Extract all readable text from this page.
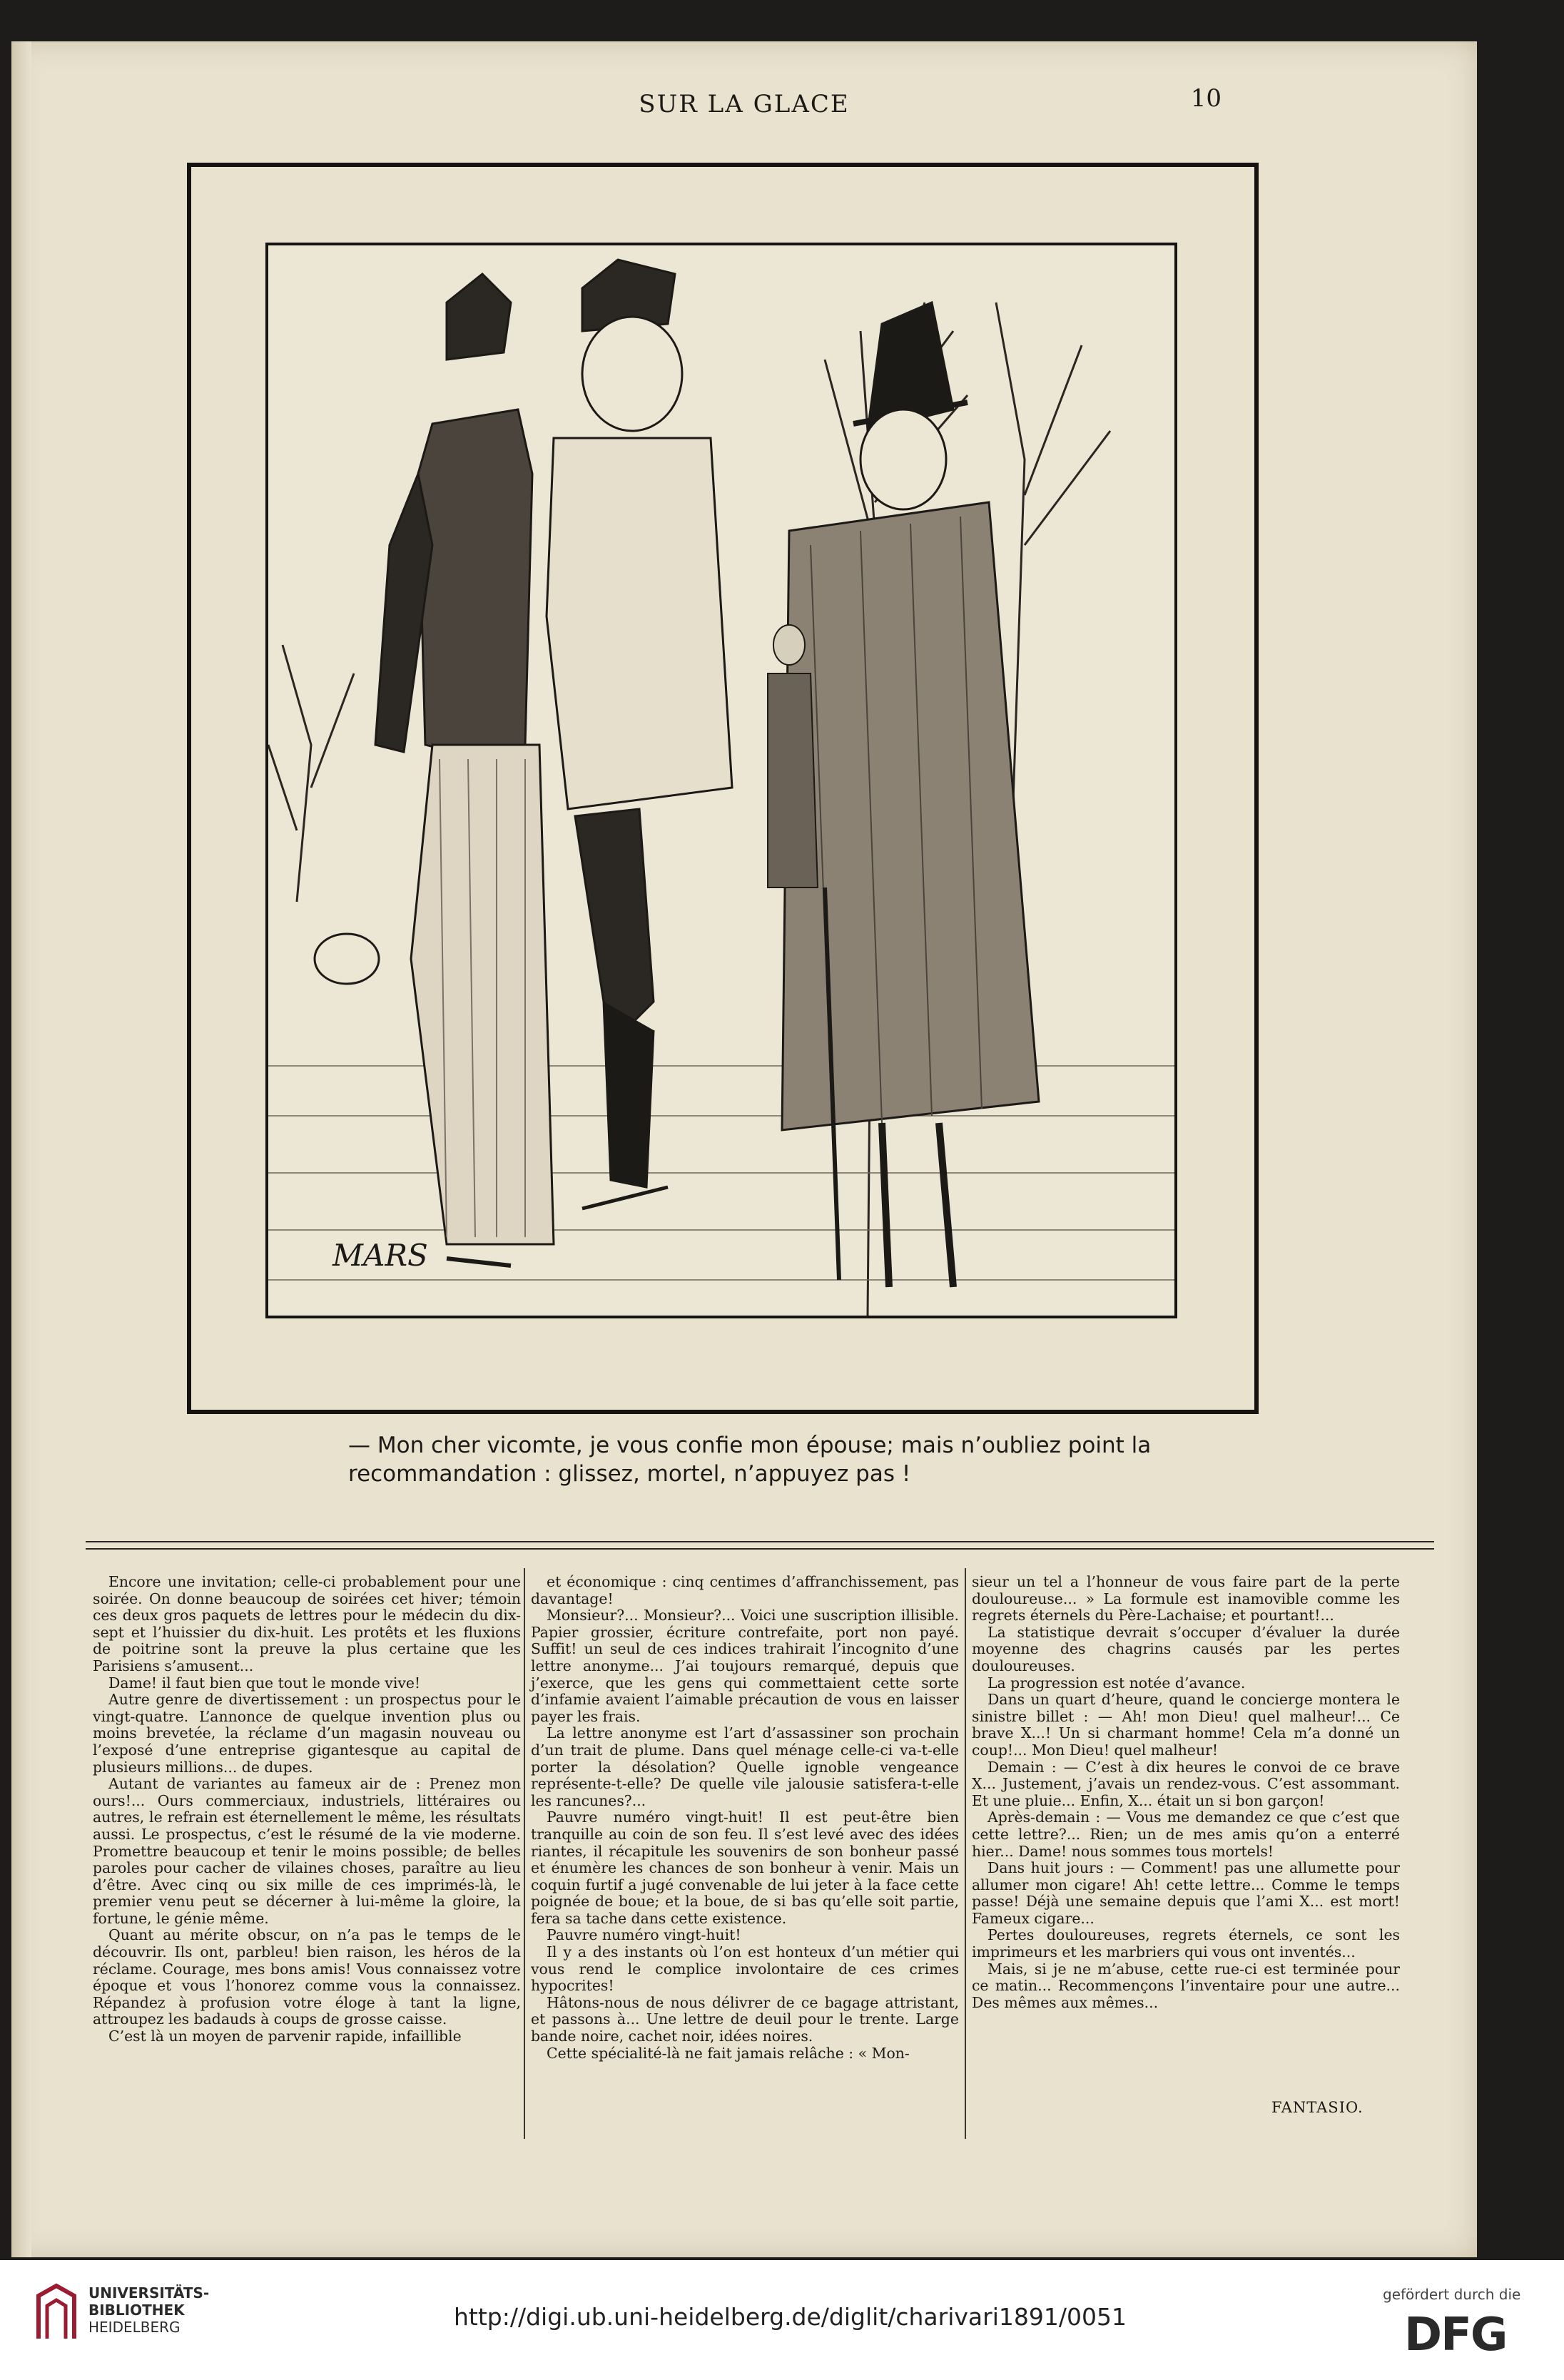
SUR LA GLACE	10
MARS
— Mon cher vicomte, je vous confie mon épouse; mais n’oubliez point la

recommandation : glissez, mortel, n’appuyez pas !

Encore une invitation; celle-ci probablement pour une soirée. On donne beaucoup de soirées cet hiver; témoin ces deux gros paquets de lettres pour le médecin du dix-sept et l’huissier du dix-huit. Les protêts et les fluxions de poitrine sont la preuve la plus certaine que les Parisiens s’amusent...

Dame! il faut bien que tout le monde vive!

Autre genre de divertissement : un prospectus pour le vingt-quatre. L’annonce de quelque invention plus ou moins brevetée, la réclame d’un magasin nouveau ou l’exposé d’une entreprise gigantesque au capital de plusieurs millions... de dupes.

Autant de variantes au fameux air de : Prenez mon ours!... Ours commerciaux, industriels, littéraires ou autres, le refrain est éternellement le même, les résultats aussi. Le prospectus, c’est le résumé de la vie moderne. Promettre beaucoup et tenir le moins possible; de belles paroles pour cacher de vilaines choses, paraître au lieu d’être. Avec cinq ou six mille de ces imprimés-là, le premier venu peut se décerner à lui-même la gloire, la fortune, le génie même.

Quant au mérite obscur, on n’a pas le temps de le découvrir. Ils ont, parbleu! bien raison, les héros de la réclame. Courage, mes bons amis! Vous connaissez votre époque et vous l’honorez comme vous la connaissez. Répandez à profusion votre éloge à tant la ligne, attroupez les badauds à coups de grosse caisse.

C’est là un moyen de parvenir rapide, infaillible

et économique : cinq centimes d’affranchissement, pas davantage!

Monsieur?... Monsieur?... Voici une suscription illisible. Papier grossier, écriture contrefaite, port non payé. Suffit! un seul de ces indices trahirait l’incognito d’une lettre anonyme... J’ai toujours remarqué, depuis que j’exerce, que les gens qui commettaient cette sorte d’infamie avaient l’aimable précaution de vous en laisser payer les frais.

La lettre anonyme est l’art d’assassiner son prochain d’un trait de plume. Dans quel ménage celle-ci va-t-elle porter la désolation? Quelle ignoble vengeance représente-t-elle? De quelle vile jalousie satisfera-t-elle les rancunes?...

Pauvre numéro vingt-huit! Il est peut-être bien tranquille au coin de son feu. Il s’est levé avec des idées riantes, il récapitule les souvenirs de son bonheur passé et énumère les chances de son bonheur à venir. Mais un coquin furtif a jugé convenable de lui jeter à la face cette poignée de boue; et la boue, de si bas qu’elle soit partie, fera sa tache dans cette existence.

Pauvre numéro vingt-huit!

Il y a des instants où l’on est honteux d’un métier qui vous rend le complice involontaire de ces crimes hypocrites!

Hâtons-nous de nous délivrer de ce bagage attristant, et passons à... Une lettre de deuil pour le trente. Large bande noire, cachet noir, idées noires.

Cette spécialité-là ne fait jamais relâche : « Mon-

sieur un tel a l’honneur de vous faire part de la perte douloureuse... » La formule est inamovible comme les regrets éternels du Père-Lachaise; et pourtant!...

La statistique devrait s’occuper d’évaluer la durée moyenne des chagrins causés par les pertes douloureuses.

La progression est notée d’avance.

Dans un quart d’heure, quand le concierge montera le sinistre billet : — Ah! mon Dieu! quel malheur!... Ce brave X...! Un si charmant homme! Cela m’a donné un coup!... Mon Dieu! quel malheur!

Demain : — C’est à dix heures le convoi de ce brave X... Justement, j’avais un rendez-vous. C’est assommant. Et une pluie... Enfin, X... était un si bon garçon!

Après-demain : — Vous me demandez ce que c’est que cette lettre?... Rien; un de mes amis qu’on a enterré hier... Dame! nous sommes tous mortels!

Dans huit jours : — Comment! pas une allumette pour allumer mon cigare! Ah! cette lettre... Comme le temps passe! Déjà une semaine depuis que l’ami X... est mort! Fameux cigare...

Pertes douloureuses, regrets éternels, ce sont les imprimeurs et les marbriers qui vous ont inventés...

Mais, si je ne m’abuse, cette rue-ci est terminée pour ce matin... Recommençons l’inventaire pour une autre... Des mêmes aux mêmes...

FANTASIO.
UNIVERSITÄTS-
BIBLIOTHEK
HEIDELBERG	http://digi.ub.uni-heidelberg.de/diglit/charivari1891/0051
gefördert durch die
DFG
